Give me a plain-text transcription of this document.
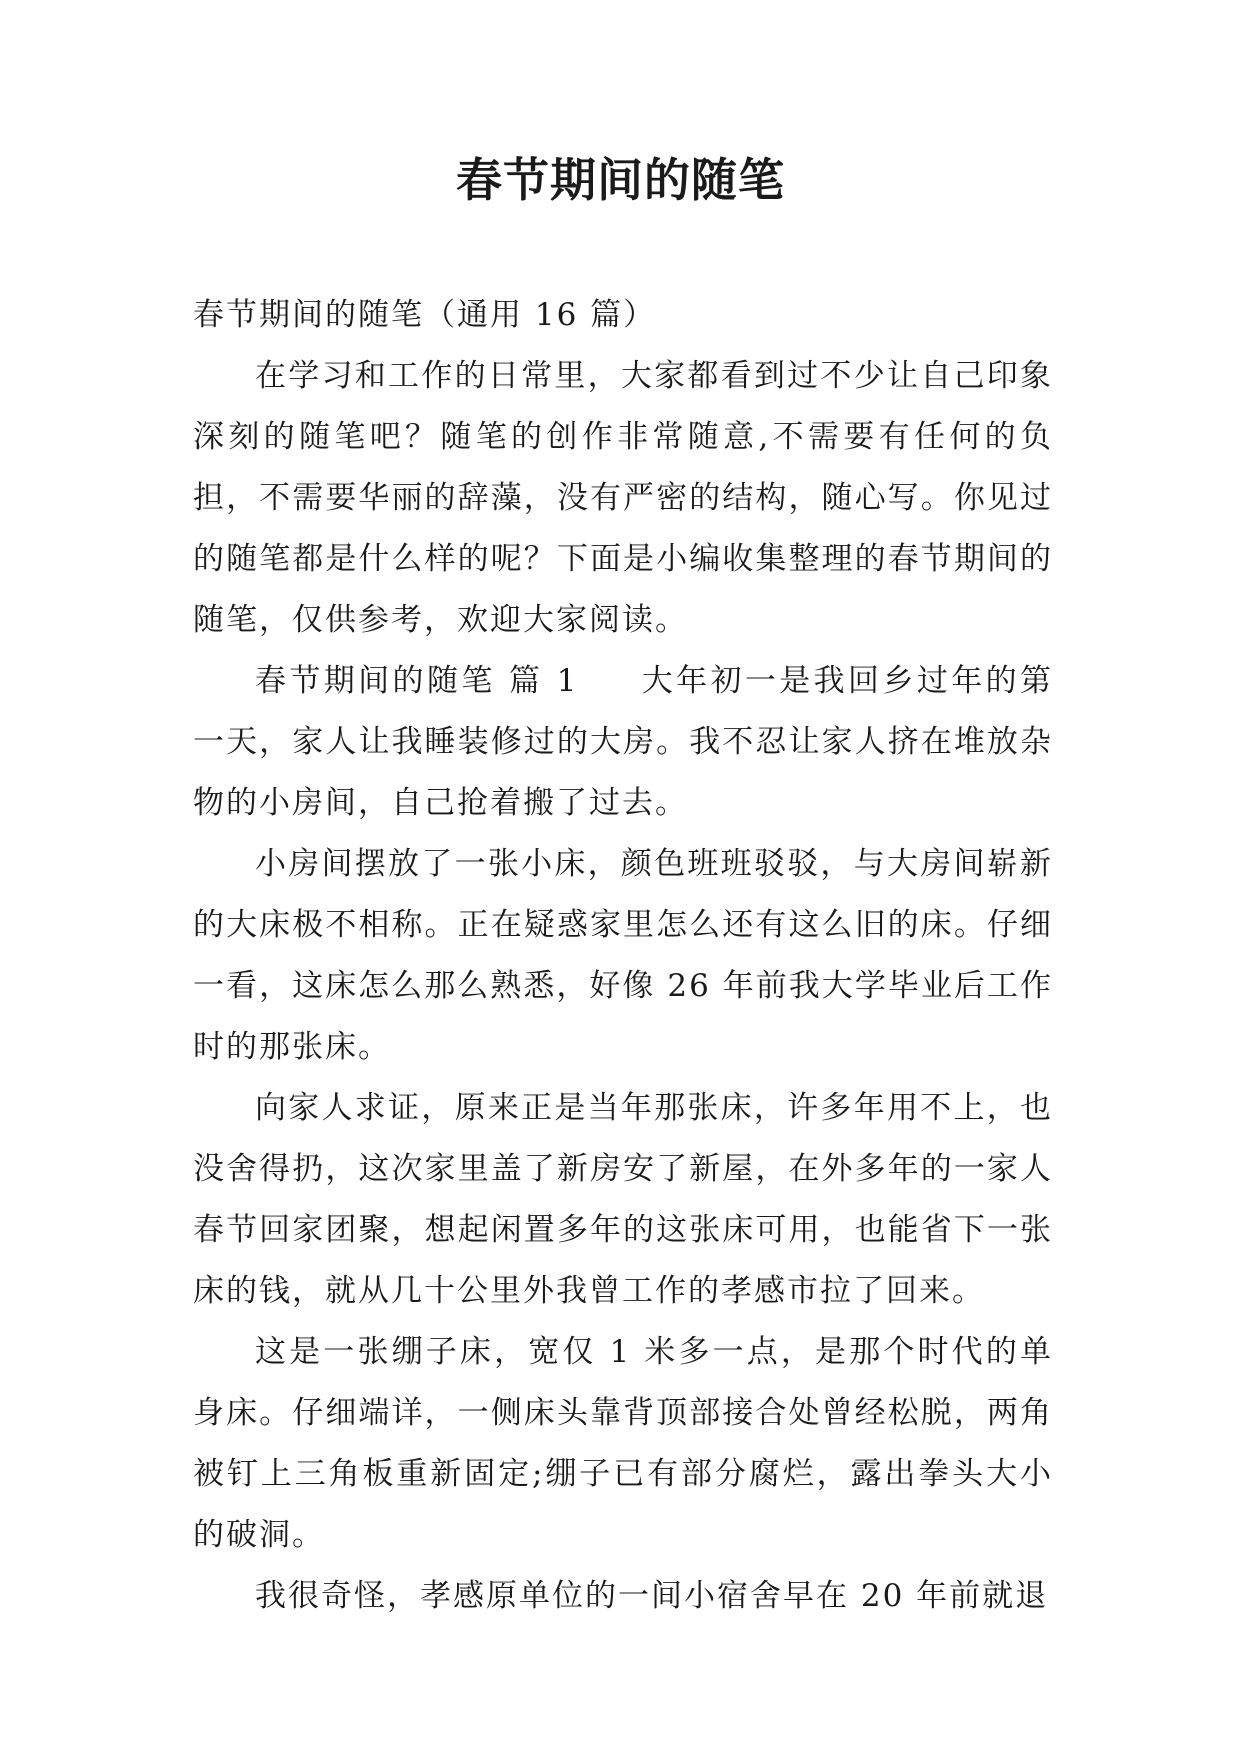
春节期间的随笔

春节期间的随笔（通用 16 篇）

在学习和工作的日常里，大家都看到过不少让自己印象深刻的随笔吧？随笔的创作非常随意,不需要有任何的负担，不需要华丽的辞藻，没有严密的结构，随心写。你见过的随笔都是什么样的呢？下面是小编收集整理的春节期间的随笔，仅供参考，欢迎大家阅读。

春节期间的随笔 篇 1 大年初一是我回乡过年的第一天，家人让我睡装修过的大房。我不忍让家人挤在堆放杂物的小房间，自己抢着搬了过去。

小房间摆放了一张小床，颜色班班驳驳，与大房间崭新的大床极不相称。正在疑惑家里怎么还有这么旧的床。仔细一看，这床怎么那么熟悉，好像 26 年前我大学毕业后工作时的那张床。

向家人求证，原来正是当年那张床，许多年用不上，也没舍得扔，这次家里盖了新房安了新屋，在外多年的一家人春节回家团聚，想起闲置多年的这张床可用，也能省下一张床的钱，就从几十公里外我曾工作的孝感市拉了回来。

这是一张绷子床，宽仅 1 米多一点，是那个时代的单身床。仔细端详，一侧床头靠背顶部接合处曾经松脱，两角被钉上三角板重新固定;绷子已有部分腐烂，露出拳头大小的破洞。

我很奇怪，孝感原单位的一间小宿舍早在 20 年前就退
